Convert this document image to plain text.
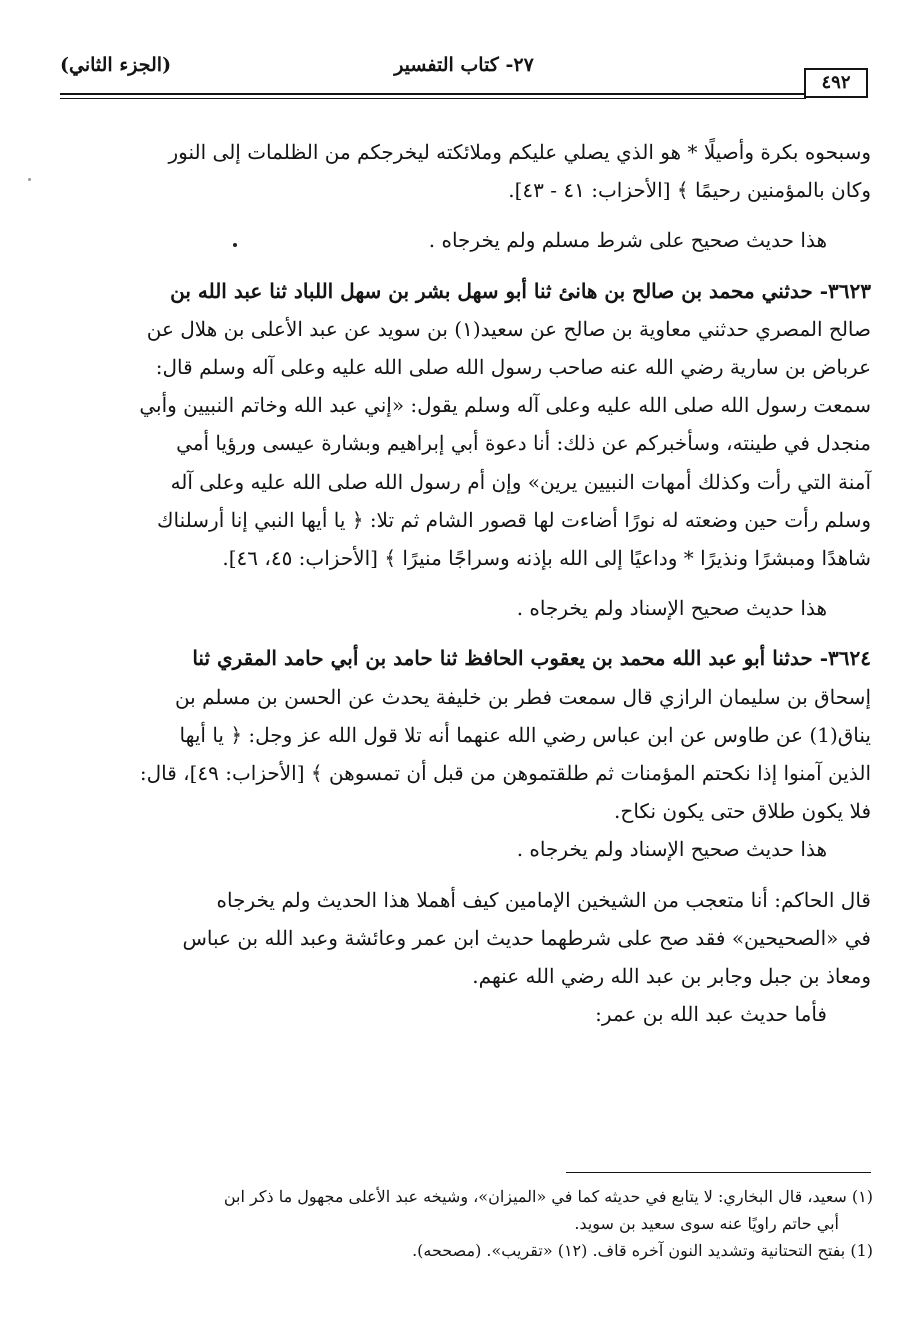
(الجزء الثاني)	٢٧- كتاب التفسير
٤٩٢

وسبحوه بكرة وأصيلًا * هو الذي يصلي عليكم وملائكته ليخرجكم من الظلمات إلى النور
وكان بالمؤمنين رحيمًا ﴾ [الأحزاب: ٤١ - ٤٣].

هذا حديث صحيح على شرط مسلم ولم يخرجاه .

٣٦٢٣- حدثني محمد بن صالح بن هانئ ثنا أبو سهل بشر بن سهل اللباد ثنا عبد الله بن
صالح المصري حدثني معاوية بن صالح عن سعيد(١) بن سويد عن عبد الأعلى بن هلال عن
عرباض بن سارية رضي الله عنه صاحب رسول الله صلى الله عليه وعلى آله وسلم قال:
سمعت رسول الله صلى الله عليه وعلى آله وسلم يقول: «إني عبد الله وخاتم النبيين وأبي
منجدل في طينته، وسأخبركم عن ذلك: أنا دعوة أبي إبراهيم وبشارة عيسى ورؤيا أمي
آمنة التي رأت وكذلك أمهات النبيين يرين» وإن أم رسول الله صلى الله عليه وعلى آله
وسلم رأت حين وضعته له نورًا أضاءت لها قصور الشام ثم تلا: ﴿ يا أيها النبي إنا أرسلناك
شاهدًا ومبشرًا ونذيرًا * وداعيًا إلى الله بإذنه وسراجًا منيرًا ﴾ [الأحزاب: ٤٥، ٤٦].

هذا حديث صحيح الإسناد ولم يخرجاه .

٣٦٢٤- حدثنا أبو عبد الله محمد بن يعقوب الحافظ ثنا حامد بن أبي حامد المقري ثنا
إسحاق بن سليمان الرازي قال سمعت فطر بن خليفة يحدث عن الحسن بن مسلم بن
يناق(1) عن طاوس عن ابن عباس رضي الله عنهما أنه تلا قول الله عز وجل: ﴿ يا أيها
الذين آمنوا إذا نكحتم المؤمنات ثم طلقتموهن من قبل أن تمسوهن ﴾ [الأحزاب: ٤٩]، قال:
فلا يكون طلاق حتى يكون نكاح.

هذا حديث صحيح الإسناد ولم يخرجاه .

قال الحاكم: أنا متعجب من الشيخين الإمامين كيف أهملا هذا الحديث ولم يخرجاه
في «الصحيحين» فقد صح على شرطهما حديث ابن عمر وعائشة وعبد الله بن عباس
ومعاذ بن جبل وجابر بن عبد الله رضي الله عنهم.

فأما حديث عبد الله بن عمر:

(١) سعيد، قال البخاري: لا يتابع في حديثه كما في «الميزان»، وشيخه عبد الأعلى مجهول ما ذكر ابن
أبي حاتم راويًا عنه سوى سعيد بن سويد.

(1) بفتح التحتانية وتشديد النون آخره قاف. (١٢) «تقريب». (مصححه).
